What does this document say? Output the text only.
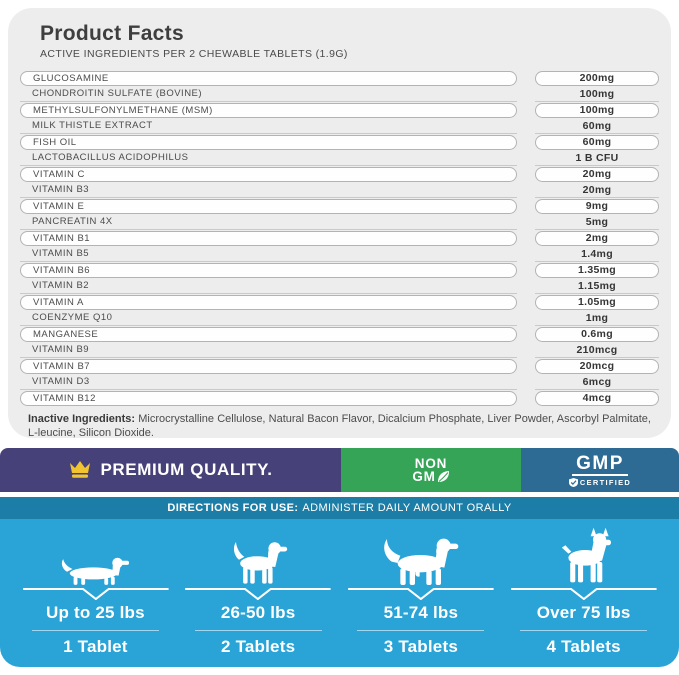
Product Facts
ACTIVE INGREDIENTS PER 2 CHEWABLE TABLETS (1.9G)
GLUCOSAMINE	200mg
CHONDROITIN SULFATE (BOVINE)	100mg
METHYLSULFONYLMETHANE (MSM)	100mg
MILK THISTLE EXTRACT	60mg
FISH OIL	60mg
LACTOBACILLUS ACIDOPHILUS	1 B CFU
VITAMIN C	20mg
VITAMIN B3	20mg
VITAMIN E	9mg
PANCREATIN 4X	5mg
VITAMIN B1	2mg
VITAMIN B5	1.4mg
VITAMIN B6	1.35mg
VITAMIN B2	1.15mg
VITAMIN A	1.05mg
COENZYME Q10	1mg
MANGANESE	0.6mg
VITAMIN B9	210mcg
VITAMIN B7	20mcg
VITAMIN D3	6mcg
VITAMIN B12	4mcg
Inactive Ingredients: Microcrystalline Cellulose, Natural Bacon Flavor, Dicalcium Phosphate, Liver Powder, Ascorbyl Palmitate, L-leucine, Silicon Dioxide.
PREMIUM QUALITY.	NON
GM
GMP
CERTIFIED
DIRECTIONS FOR USE: ADMINISTER DAILY AMOUNT ORALLY
Up to 25 lbs
1 Tablet
26-50 lbs
2 Tablets
51-74 lbs
3 Tablets
Over 75 lbs
4 Tablets
